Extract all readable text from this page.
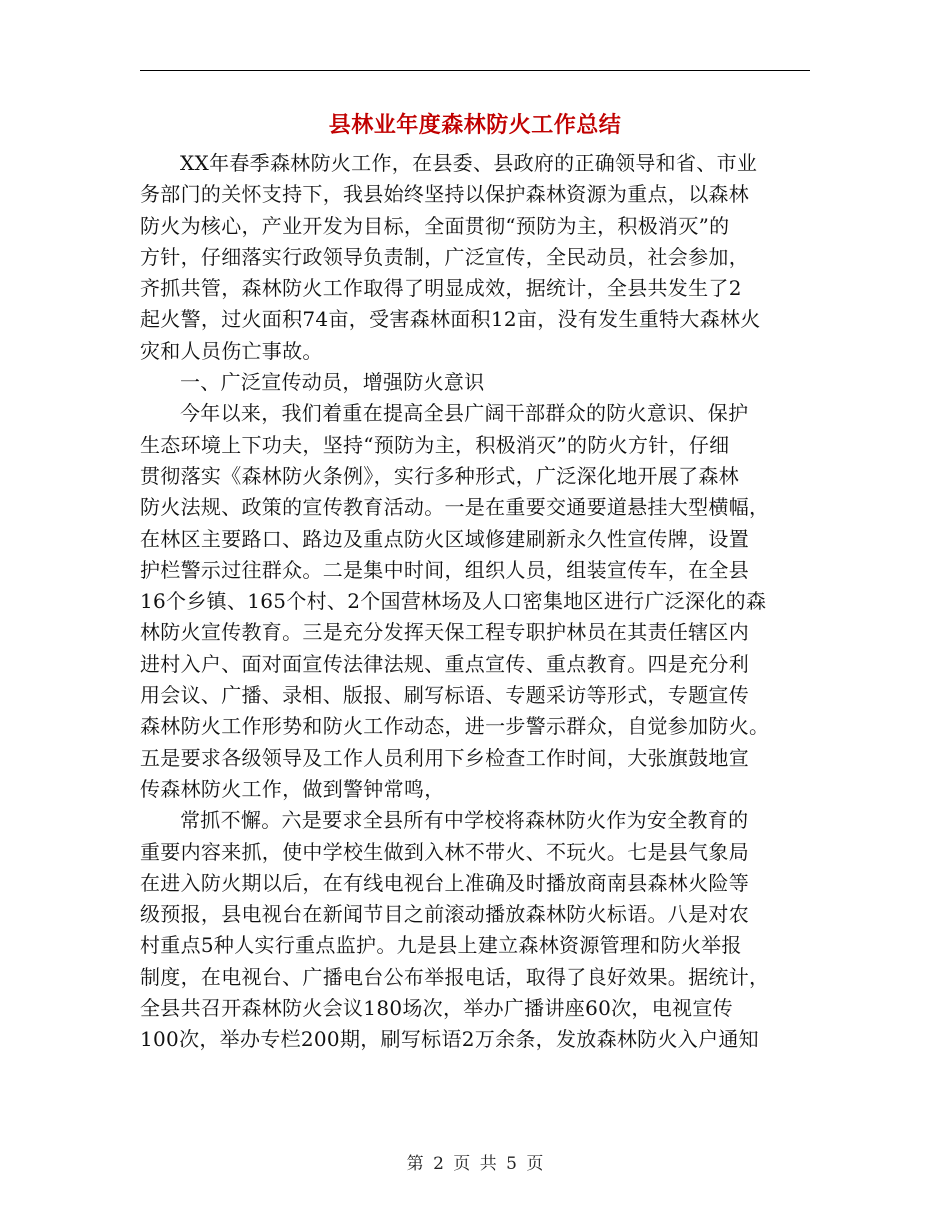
县林业年度森林防火工作总结
XX年春季森林防火工作，在县委、县政府的正确领导和省、市业
务部门的关怀支持下，我县始终坚持以保护森林资源为重点，以森林
防火为核心，产业开发为目标，全面贯彻“预防为主，积极消灭”的
方针，仔细落实行政领导负责制，广泛宣传，全民动员，社会参加，
齐抓共管，森林防火工作取得了明显成效，据统计，全县共发生了2
起火警，过火面积74亩，受害森林面积12亩，没有发生重特大森林火
灾和人员伤亡事故。
一、广泛宣传动员，增强防火意识
今年以来，我们着重在提高全县广阔干部群众的防火意识、保护
生态环境上下功夫，坚持“预防为主，积极消灭”的防火方针，仔细
贯彻落实《森林防火条例》，实行多种形式，广泛深化地开展了森林
防火法规、政策的宣传教育活动。一是在重要交通要道悬挂大型横幅，
在林区主要路口、路边及重点防火区域修建刷新永久性宣传牌，设置
护栏警示过往群众。二是集中时间，组织人员，组装宣传车，在全县
16个乡镇、165个村、2个国营林场及人口密集地区进行广泛深化的森
林防火宣传教育。三是充分发挥天保工程专职护林员在其责任辖区内
进村入户、面对面宣传法律法规、重点宣传、重点教育。四是充分利
用会议、广播、录相、版报、刷写标语、专题采访等形式，专题宣传
森林防火工作形势和防火工作动态，进一步警示群众，自觉参加防火。
五是要求各级领导及工作人员利用下乡检查工作时间，大张旗鼓地宣
传森林防火工作，做到警钟常鸣，
常抓不懈。六是要求全县所有中学校将森林防火作为安全教育的
重要内容来抓，使中学校生做到入林不带火、不玩火。七是县气象局
在进入防火期以后，在有线电视台上准确及时播放商南县森林火险等
级预报，县电视台在新闻节目之前滚动播放森林防火标语。八是对农
村重点5种人实行重点监护。九是县上建立森林资源管理和防火举报
制度，在电视台、广播电台公布举报电话，取得了良好效果。据统计，
全县共召开森林防火会议180场次，举办广播讲座60次，电视宣传
100次，举办专栏200期，刷写标语2万余条，发放森林防火入户通知
第 2 页 共 5 页
